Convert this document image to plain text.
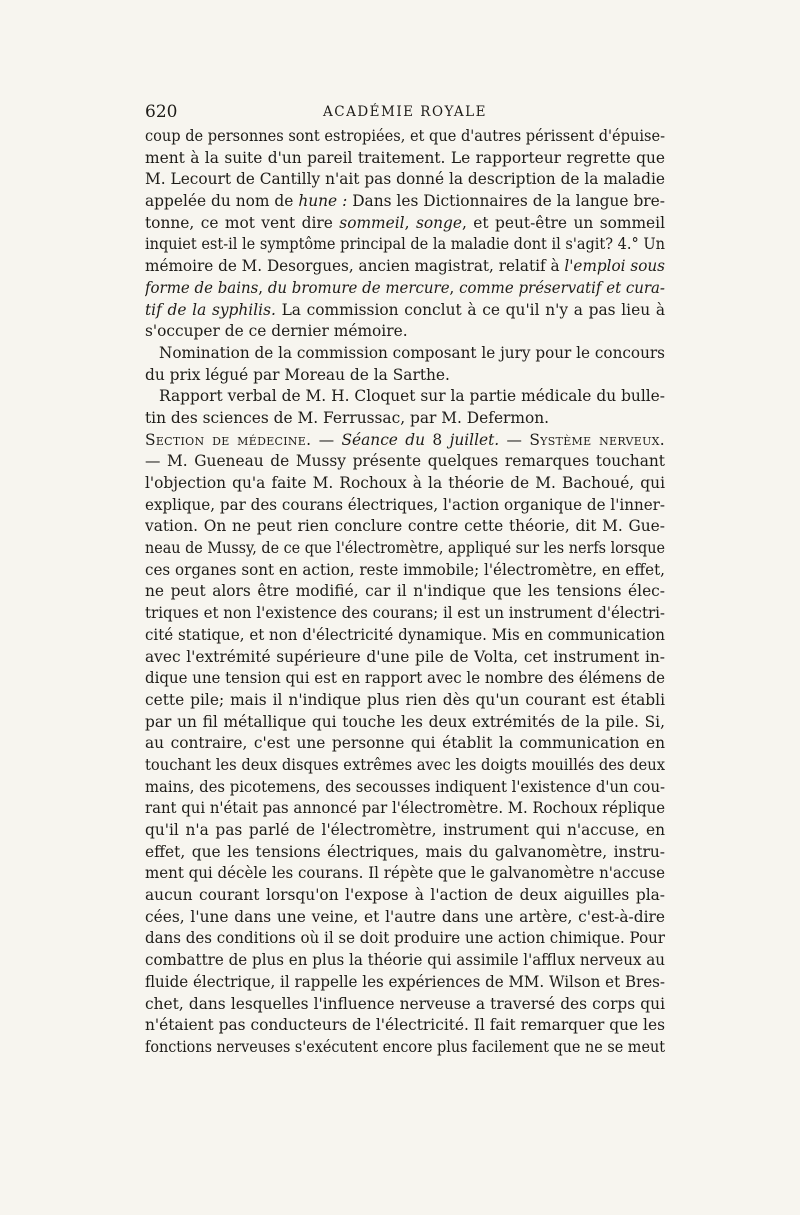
620	ACADÉMIE ROYALE
coup de personnes sont estropiées, et que d'autres périssent d'épuise-
ment à la suite d'un pareil traitement. Le rapporteur regrette que
M. Lecourt de Cantilly n'ait pas donné la description de la maladie
appelée du nom de hune : Dans les Dictionnaires de la langue bre-
tonne, ce mot vent dire sommeil, songe, et peut-être un sommeil
inquiet est-il le symptôme principal de la maladie dont il s'agit? 4.° Un
mémoire de M. Desorgues, ancien magistrat, relatif à l'emploi sous
forme de bains, du bromure de mercure, comme préservatif et cura-
tif de la syphilis. La commission conclut à ce qu'il n'y a pas lieu à
s'occuper de ce dernier mémoire.
Nomination de la commission composant le jury pour le concours
du prix légué par Moreau de la Sarthe.
Rapport verbal de M. H. Cloquet sur la partie médicale du bulle-
tin des sciences de M. Ferrussac, par M. Defermon.
Section de médecine. — Séance du 8 juillet. — Système nerveux.
— M. Gueneau de Mussy présente quelques remarques touchant
l'objection qu'a faite M. Rochoux à la théorie de M. Bachoué, qui
explique, par des courans électriques, l'action organique de l'inner-
vation. On ne peut rien conclure contre cette théorie, dit M. Gue-
neau de Mussy, de ce que l'électromètre, appliqué sur les nerfs lorsque
ces organes sont en action, reste immobile; l'électromètre, en effet,
ne peut alors être modifié, car il n'indique que les tensions élec-
triques et non l'existence des courans; il est un instrument d'électri-
cité statique, et non d'électricité dynamique. Mis en communication
avec l'extrémité supérieure d'une pile de Volta, cet instrument in-
dique une tension qui est en rapport avec le nombre des élémens de
cette pile; mais il n'indique plus rien dès qu'un courant est établi
par un fil métallique qui touche les deux extrémités de la pile. Si,
au contraire, c'est une personne qui établit la communication en
touchant les deux disques extrêmes avec les doigts mouillés des deux
mains, des picotemens, des secousses indiquent l'existence d'un cou-
rant qui n'était pas annoncé par l'électromètre. M. Rochoux réplique
qu'il n'a pas parlé de l'électromètre, instrument qui n'accuse, en
effet, que les tensions électriques, mais du galvanomètre, instru-
ment qui décèle les courans. Il répète que le galvanomètre n'accuse
aucun courant lorsqu'on l'expose à l'action de deux aiguilles pla-
cées, l'une dans une veine, et l'autre dans une artère, c'est-à-dire
dans des conditions où il se doit produire une action chimique. Pour
combattre de plus en plus la théorie qui assimile l'afflux nerveux au
fluide électrique, il rappelle les expériences de MM. Wilson et Bres-
chet, dans lesquelles l'influence nerveuse a traversé des corps qui
n'étaient pas conducteurs de l'électricité. Il fait remarquer que les
fonctions nerveuses s'exécutent encore plus facilement que ne se meut
